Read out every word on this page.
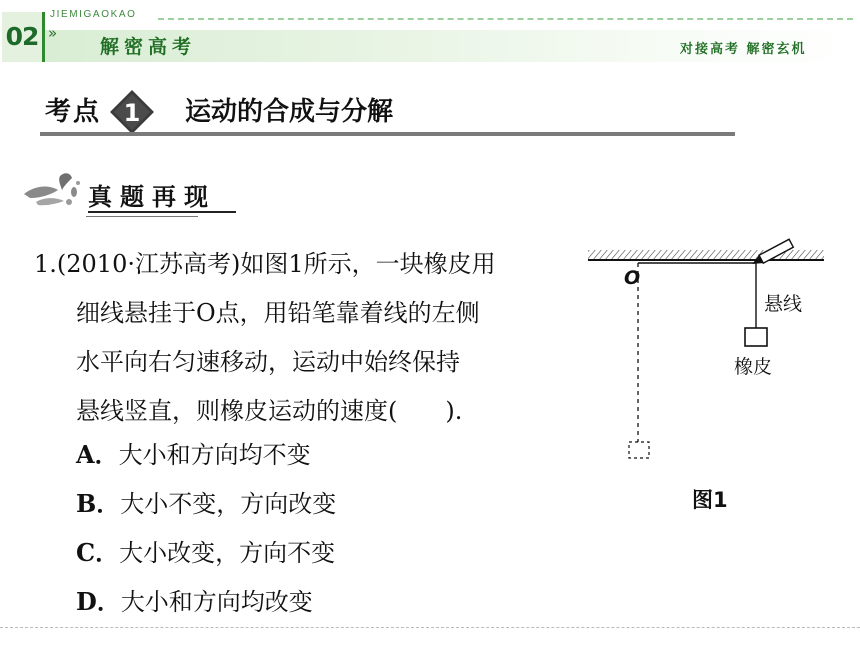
02
JIEMIGAOKAO
»
解密高考	对接高考 解密玄机
考点 1 运动的合成与分解
真题再现
1.(2010·江苏高考)如图1所示，一块橡皮用
细线悬挂于O点，用铅笔靠着线的左侧
水平向右匀速移动，运动中始终保持
悬线竖直，则橡皮运动的速度(　　).
A．大小和方向均不变
B．大小不变，方向改变
C．大小改变，方向不变
D．大小和方向均改变
O
悬线
橡皮
图1
